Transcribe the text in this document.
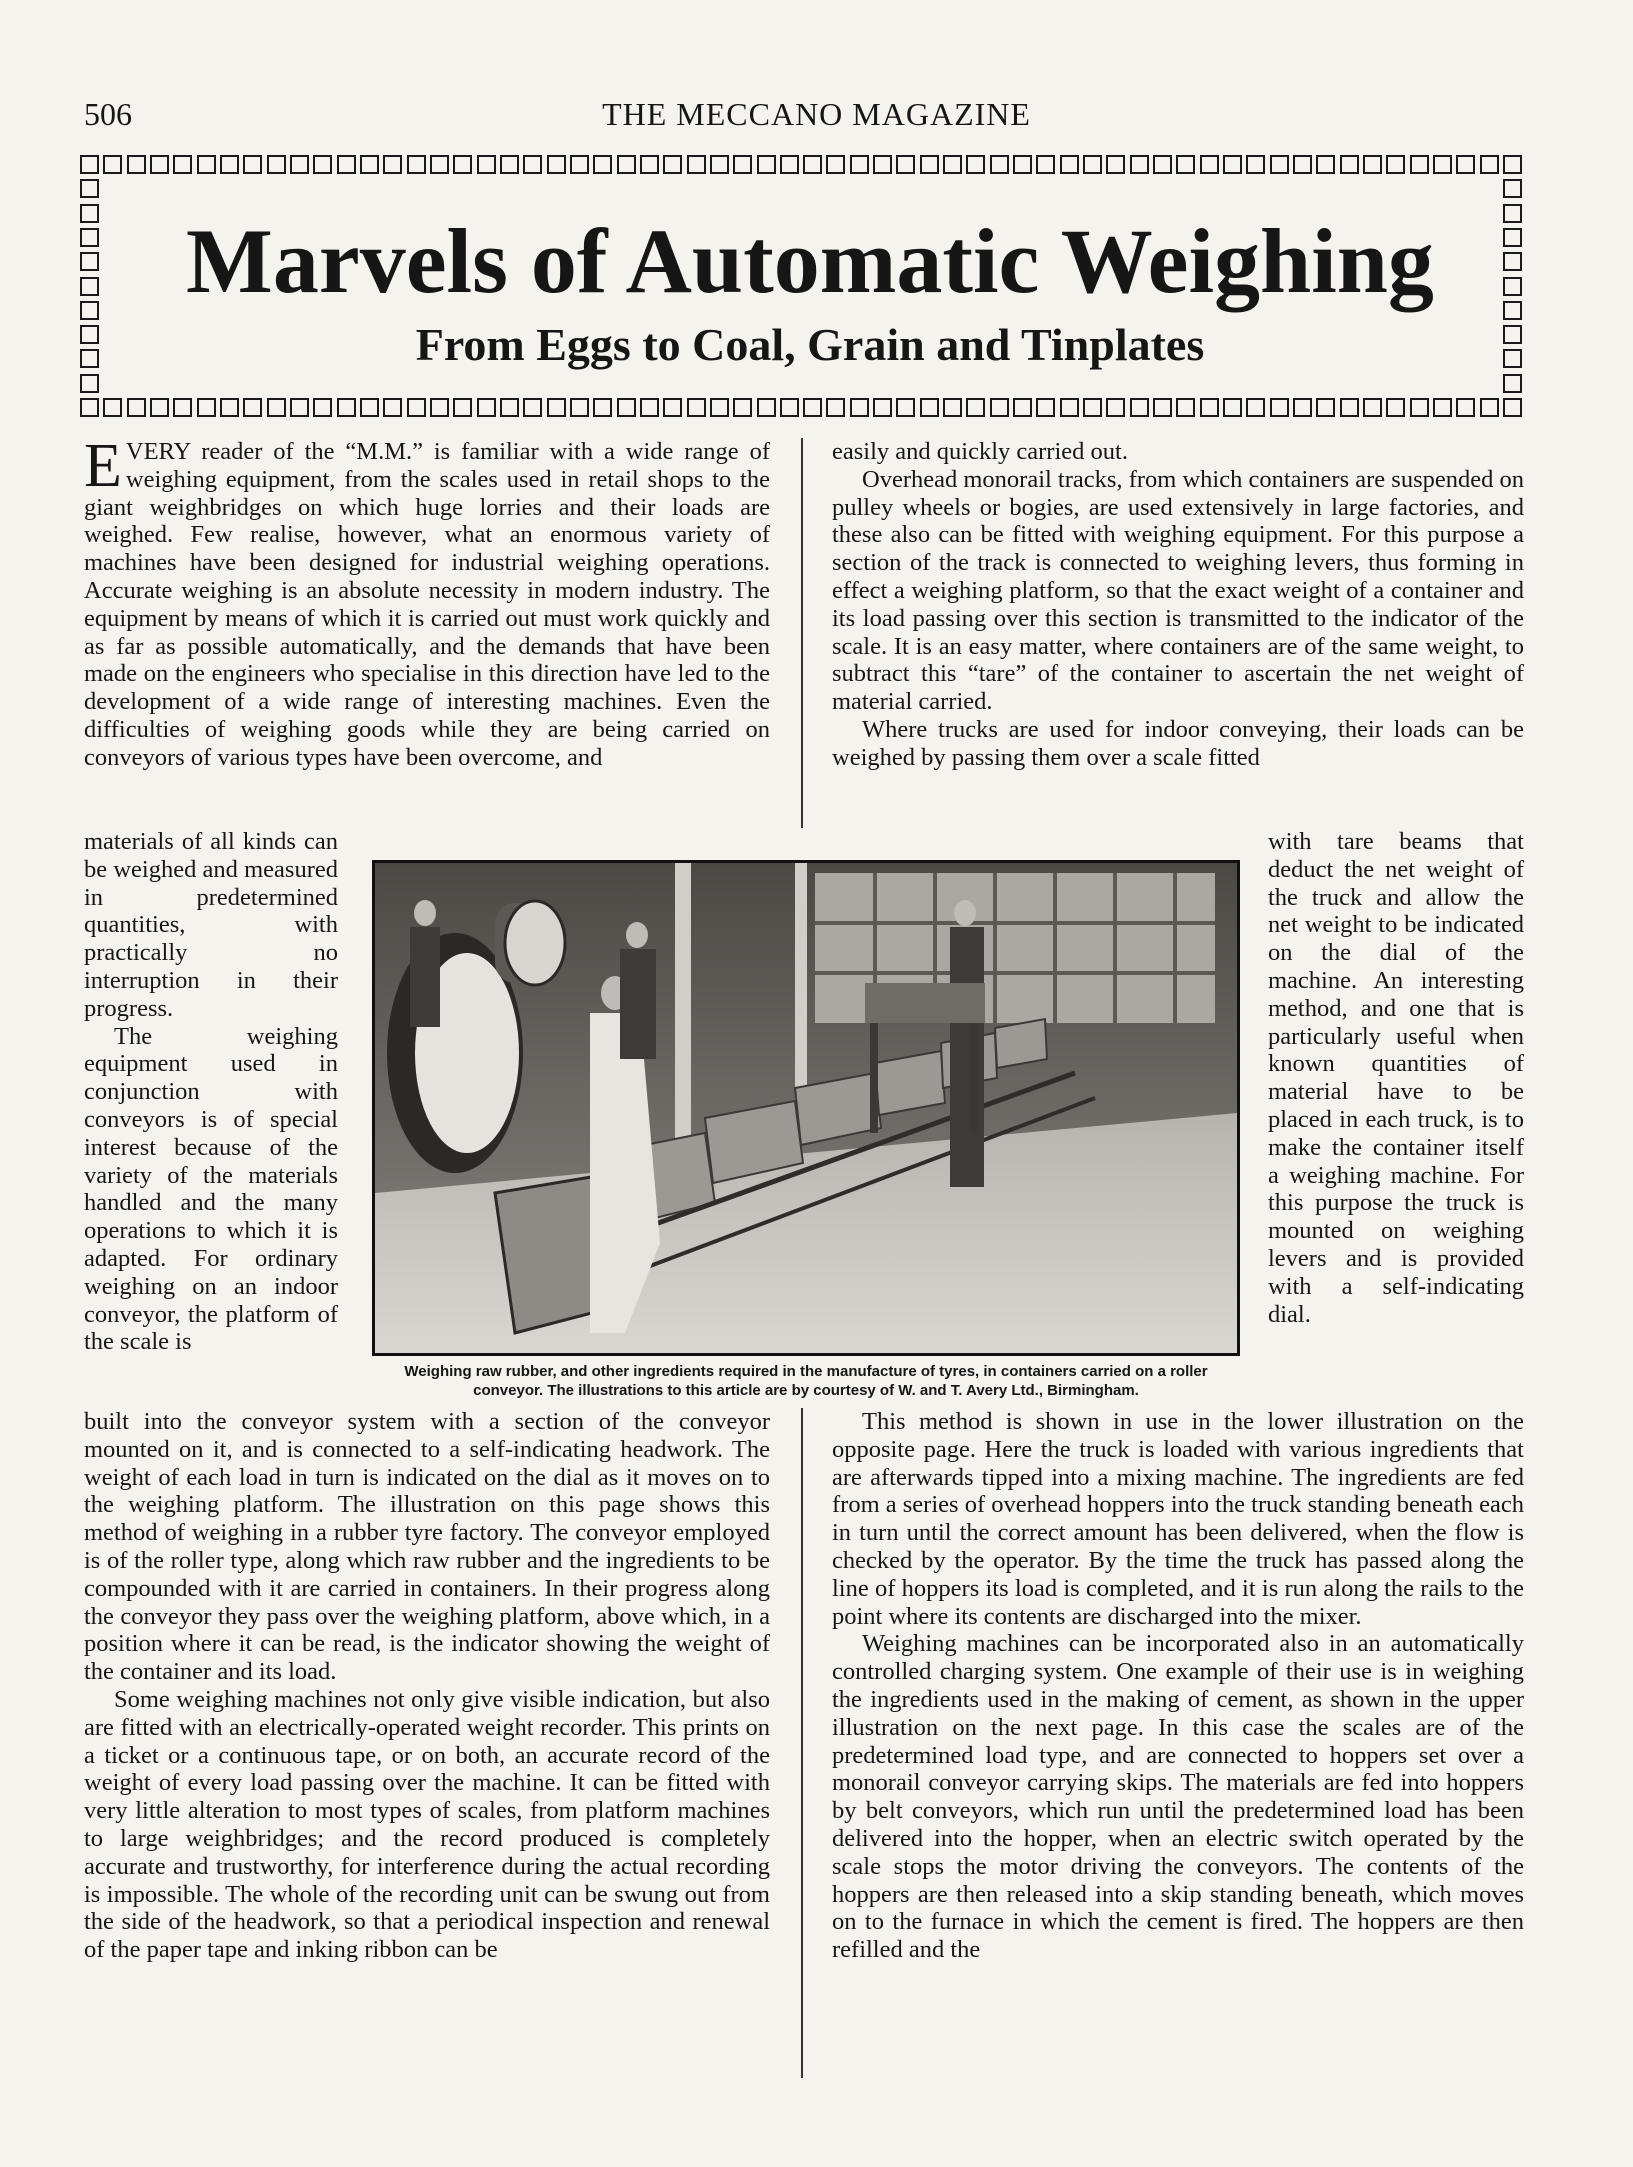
506	THE MECCANO MAGAZINE
Marvels of Automatic Weighing
From Eggs to Coal, Grain and Tinplates

EVERY reader of the “M.M.” is familiar with a wide range of weighing equipment, from the scales used in retail shops to the giant weighbridges on which huge lorries and their loads are weighed. Few realise, however, what an enormous variety of machines have been designed for industrial weighing operations. Accurate weighing is an absolute necessity in modern industry. The equipment by means of which it is carried out must work quickly and as far as possible automatically, and the demands that have been made on the engineers who specialise in this direction have led to the development of a wide range of interesting machines. Even the difficulties of weighing goods while they are being carried on conveyors of various types have been overcome, and

materials of all kinds can be weighed and measured in predetermined quantities, with practically no interruption in their progress.

The weighing equipment used in conjunction with conveyors is of special interest because of the variety of the materials handled and the many operations to which it is adapted. For ordinary weighing on an indoor conveyor, the platform of the scale is

built into the conveyor system with a section of the conveyor mounted on it, and is connected to a self-indicating headwork. The weight of each load in turn is indicated on the dial as it moves on to the weighing platform. The illustration on this page shows this method of weighing in a rubber tyre factory. The conveyor employed is of the roller type, along which raw rubber and the ingredients to be compounded with it are carried in containers. In their progress along the conveyor they pass over the weighing platform, above which, in a position where it can be read, is the indicator showing the weight of the container and its load.

Some weighing machines not only give visible indication, but also are fitted with an electrically-operated weight recorder. This prints on a ticket or a continuous tape, or on both, an accurate record of the weight of every load passing over the machine. It can be fitted with very little alteration to most types of scales, from platform machines to large weighbridges; and the record produced is completely accurate and trustworthy, for interference during the actual recording is impossible. The whole of the recording unit can be swung out from the side of the headwork, so that a periodical inspection and renewal of the paper tape and inking ribbon can be

easily and quickly carried out.

Overhead monorail tracks, from which containers are suspended on pulley wheels or bogies, are used extensively in large factories, and these also can be fitted with weighing equipment. For this purpose a section of the track is connected to weighing levers, thus forming in effect a weighing platform, so that the exact weight of a container and its load passing over this section is transmitted to the indicator of the scale. It is an easy matter, where containers are of the same weight, to subtract this “tare” of the container to ascertain the net weight of material carried.

Where trucks are used for indoor conveying, their loads can be weighed by passing them over a scale fitted

with tare beams that deduct the net weight of the truck and allow the net weight to be indicated on the dial of the machine. An interesting method, and one that is particularly useful when known quantities of material have to be placed in each truck, is to make the container itself a weighing machine. For this purpose the truck is mounted on weighing levers and is provided with a self-indicating dial.

This method is shown in use in the lower illustration on the opposite page. Here the truck is loaded with various ingredients that are afterwards tipped into a mixing machine. The ingredients are fed from a series of overhead hoppers into the truck standing beneath each in turn until the correct amount has been delivered, when the flow is checked by the operator. By the time the truck has passed along the line of hoppers its load is completed, and it is run along the rails to the point where its contents are discharged into the mixer.

Weighing machines can be incorporated also in an automatically controlled charging system. One example of their use is in weighing the ingredients used in the making of cement, as shown in the upper illustration on the next page. In this case the scales are of the predetermined load type, and are connected to hoppers set over a monorail conveyor carrying skips. The materials are fed into hoppers by belt conveyors, which run until the predetermined load has been delivered into the hopper, when an electric switch operated by the scale stops the motor driving the conveyors. The contents of the hoppers are then released into a skip standing beneath, which moves on to the furnace in which the cement is fired. The hoppers are then refilled and the

Weighing raw rubber, and other ingredients required in the manufacture of tyres, in containers carried on a roller conveyor. The illustrations to this article are by courtesy of W. and T. Avery Ltd., Birmingham.
